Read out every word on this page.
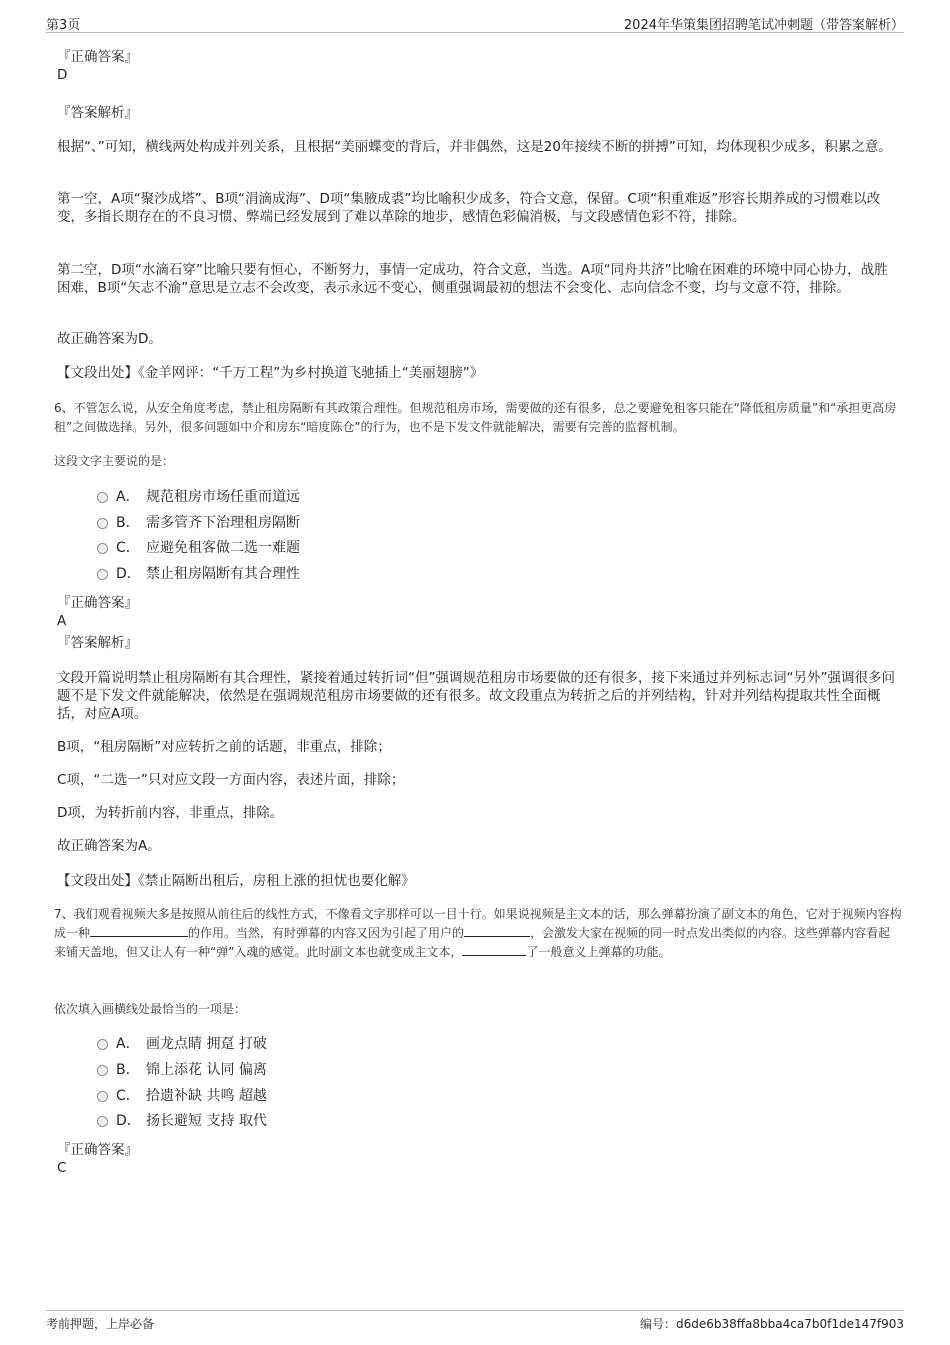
第3页	2024年华策集团招聘笔试冲刺题（带答案解析）
『正确答案』
D
『答案解析』
根据“、”可知，横线两处构成并列关系，且根据“美丽蝶变的背后，并非偶然，这是20年接续不断的拼搏”可知，均体现积少成多，积累之意。
第一空，A项“聚沙成塔”、B项“涓滴成海”、D项“集腋成裘”均比喻积少成多，符合文意，保留。C项“积重难返”形容长期养成的习惯难以改变，多指长期存在的不良习惯、弊端已经发展到了难以革除的地步，感情色彩偏消极，与文段感情色彩不符，排除。
第二空，D项“水滴石穿”比喻只要有恒心，不断努力，事情一定成功，符合文意，当选。A项“同舟共济”比喻在困难的环境中同心协力，战胜困难，B项“矢志不渝”意思是立志不会改变，表示永远不变心，侧重强调最初的想法不会变化、志向信念不变，均与文意不符，排除。
故正确答案为D。
【文段出处】《金羊网评：“千万工程”为乡村换道飞驰插上“美丽翅膀”》
6、不管怎么说，从安全角度考虑，禁止租房隔断有其政策合理性。但规范租房市场，需要做的还有很多，总之要避免租客只能在“降低租房质量”和“承担更高房租”之间做选择。另外，很多问题如中介和房东“暗度陈仓”的行为，也不是下发文件就能解决，需要有完善的监督机制。
这段文字主要说的是：
A． 规范租房市场任重而道远
B． 需多管齐下治理租房隔断
C． 应避免租客做二选一难题
D． 禁止租房隔断有其合理性
『正确答案』
A
『答案解析』
文段开篇说明禁止租房隔断有其合理性，紧接着通过转折词“但”强调规范租房市场要做的还有很多，接下来通过并列标志词“另外”强调很多问题不是下发文件就能解决，依然是在强调规范租房市场要做的还有很多。故文段重点为转折之后的并列结构，针对并列结构提取共性全面概括，对应A项。
B项，“租房隔断”对应转折之前的话题，非重点，排除；
C项，“二选一”只对应文段一方面内容，表述片面，排除；
D项，为转折前内容，非重点，排除。
故正确答案为A。
【文段出处】《禁止隔断出租后，房租上涨的担忧也要化解》
7、我们观看视频大多是按照从前往后的线性方式，不像看文字那样可以一目十行。如果说视频是主文本的话，那么弹幕扮演了副文本的角色，它对于视频内容构成一种	的作用。当然，有时弹幕的内容又因为引起了用户的	，会激发大家在视频的同一时点发出类似的内容。这些弹幕内容看起来铺天盖地，但又让人有一种“弹”入魂的感觉。此时副文本也就变成主文本，	了一般意义上弹幕的功能。
依次填入画横线处最恰当的一项是：
A． 画龙点睛 拥趸 打破
B． 锦上添花 认同 偏离
C． 拾遗补缺 共鸣 超越
D． 扬长避短 支持 取代
『正确答案』
C
考前押题，上岸必备	编号：d6de6b38ffa8bba4ca7b0f1de147f903
